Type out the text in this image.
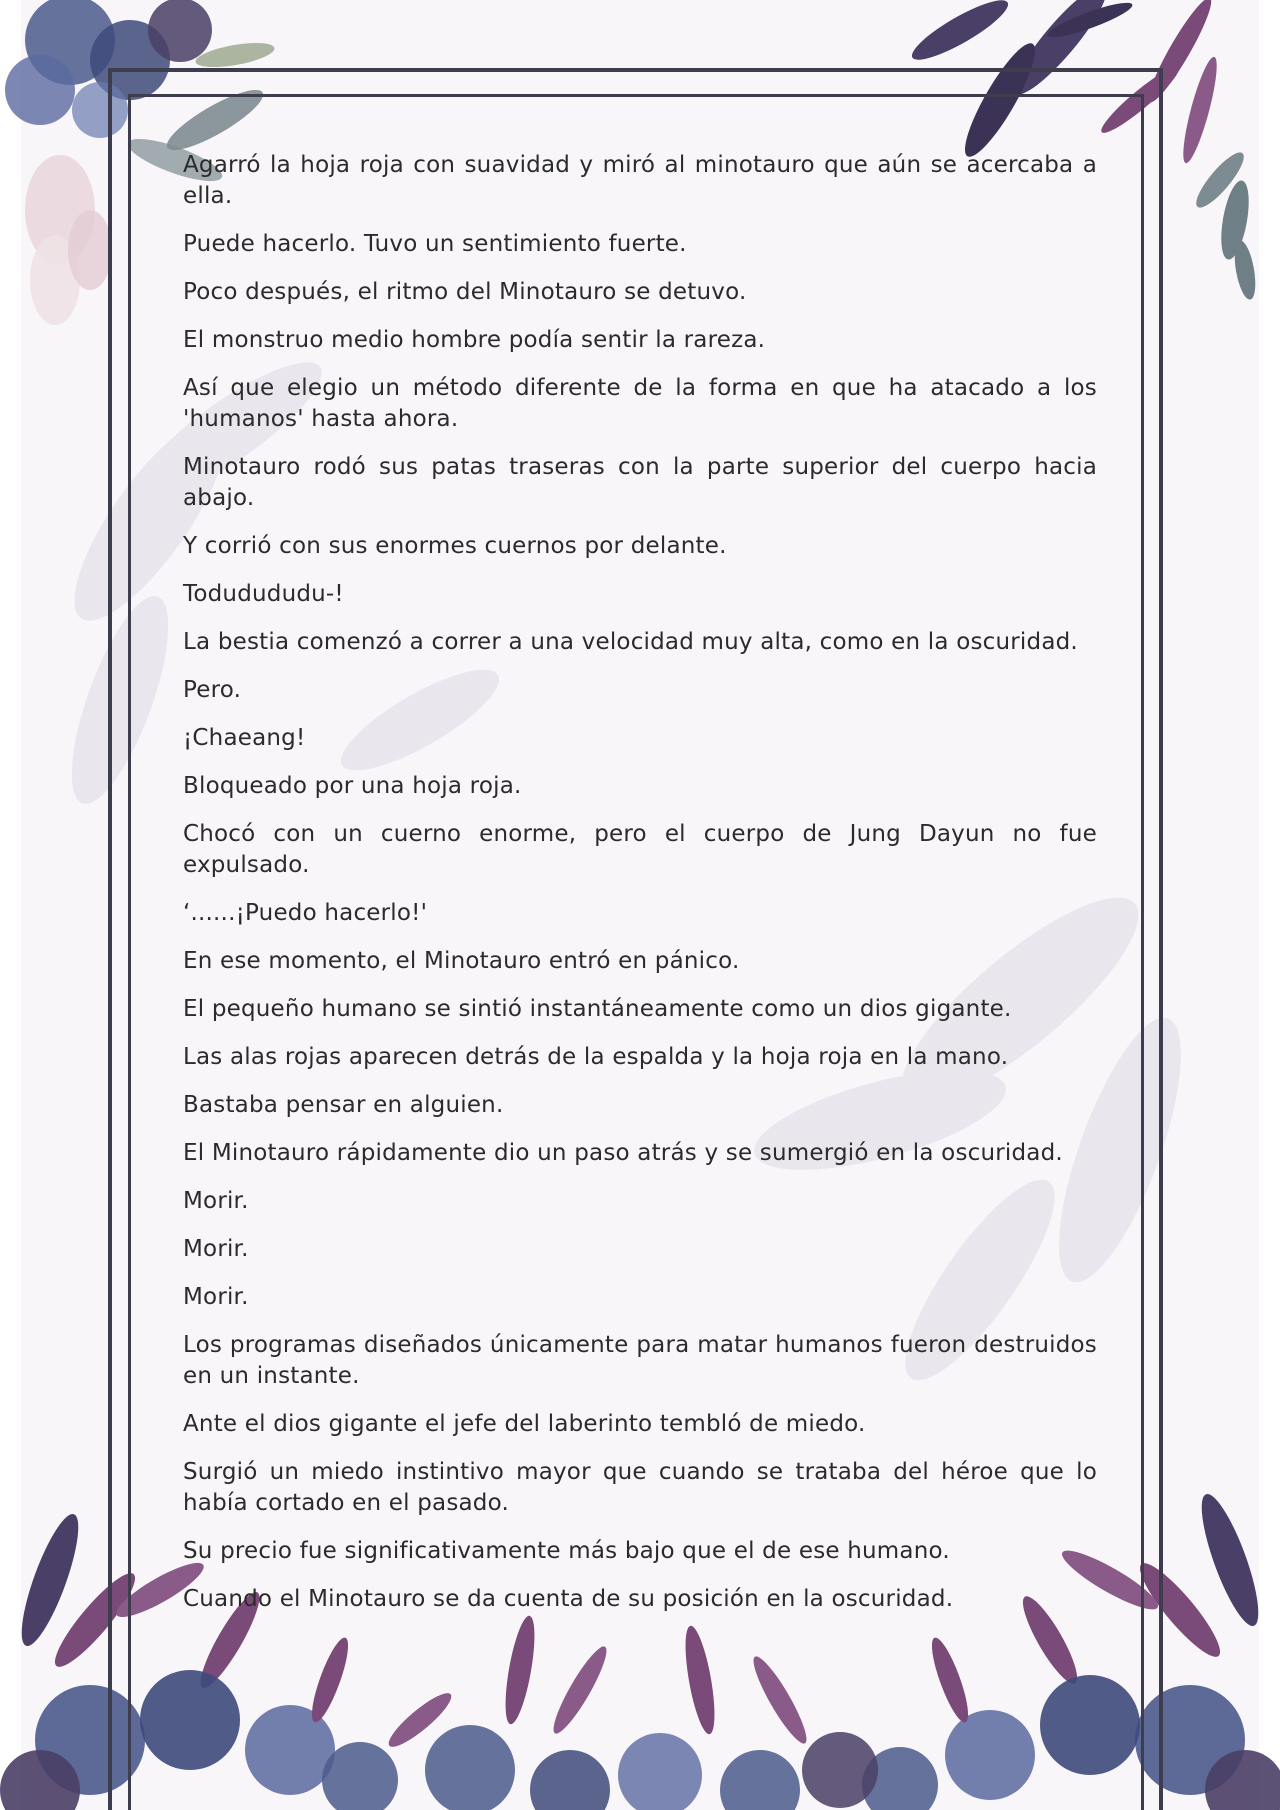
Agarró la hoja roja con suavidad y miró al minotauro que aún se acercaba a ella.

Puede hacerlo. Tuvo un sentimiento fuerte.

Poco después, el ritmo del Minotauro se detuvo.

El monstruo medio hombre podía sentir la rareza.

Así que elegio un método diferente de la forma en que ha atacado a los 'humanos' hasta ahora.

Minotauro rodó sus patas traseras con la parte superior del cuerpo hacia abajo.

Y corrió con sus enormes cuernos por delante.

Todudududu-!

La bestia comenzó a correr a una velocidad muy alta, como en la oscuridad.

Pero.

¡Chaeang!

Bloqueado por una hoja roja.

Chocó con un cuerno enorme, pero el cuerpo de Jung Dayun no fue expulsado.

‘......¡Puedo hacerlo!'

En ese momento, el Minotauro entró en pánico.

El pequeño humano se sintió instantáneamente como un dios gigante.

Las alas rojas aparecen detrás de la espalda y la hoja roja en la mano.

Bastaba pensar en alguien.

El Minotauro rápidamente dio un paso atrás y se sumergió en la oscuridad.

Morir.

Morir.

Morir.

Los programas diseñados únicamente para matar humanos fueron destruidos en un instante.

Ante el dios gigante el jefe del laberinto tembló de miedo.

Surgió un miedo instintivo mayor que cuando se trataba del héroe que lo había cortado en el pasado.

Su precio fue significativamente más bajo que el de ese humano.

Cuando el Minotauro se da cuenta de su posición en la oscuridad.
